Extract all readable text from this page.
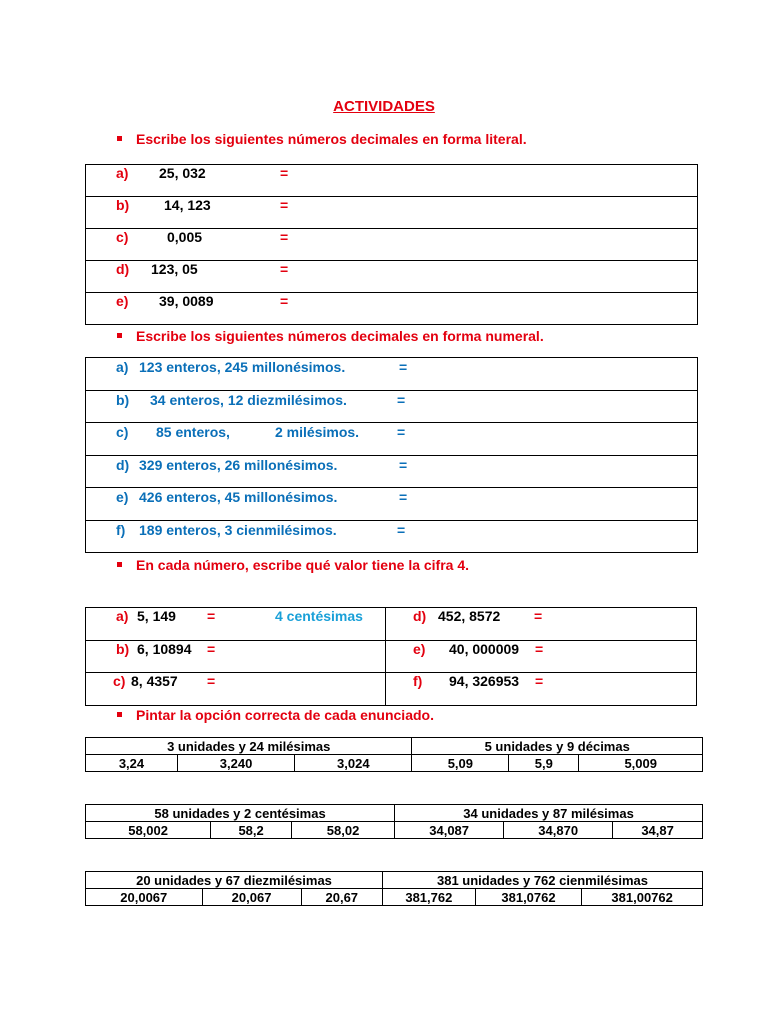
ACTIVIDADES
Escribe los siguientes números decimales en forma literal.
a) 25, 032	=

b) 14, 123	=

c)	0,005	=

d) 123, 05	=

e) 39, 0089	=
Escribe los siguientes números decimales en forma numeral.
a) 123 enteros, 245 millonésimos.	=

b) 34 enteros, 12 diezmilésimos.	=

c) 85 enteros,	2 milésimos.	=

d) 329 enteros, 26 millonésimos.	=

e) 426 enteros, 45 millonésimos.	=

f) 189 enteros, 3 cienmilésimos.	=
En cada número, escribe qué valor tiene la cifra 4.
a) 5, 149 = 4 centésimas	d) 452, 8572 =

b) 6, 10894 =	e) 40, 000009 =

c) 8, 4357 =	f) 94, 326953 =
Pintar la opción correcta de cada enunciado.
3 unidades y 24 milésimas			5 unidades y 9 décimas		
3,24	3,240	3,024	5,09	5,9	5,009
58 unidades y 2 centésimas			34 unidades y 87 milésimas		
58,002	58,2	58,02	34,087	34,870	34,87
20 unidades y 67 diezmilésimas			381 unidades y 762 cienmilésimas		
20,0067	20,067	20,67	381,762	381,0762	381,00762
